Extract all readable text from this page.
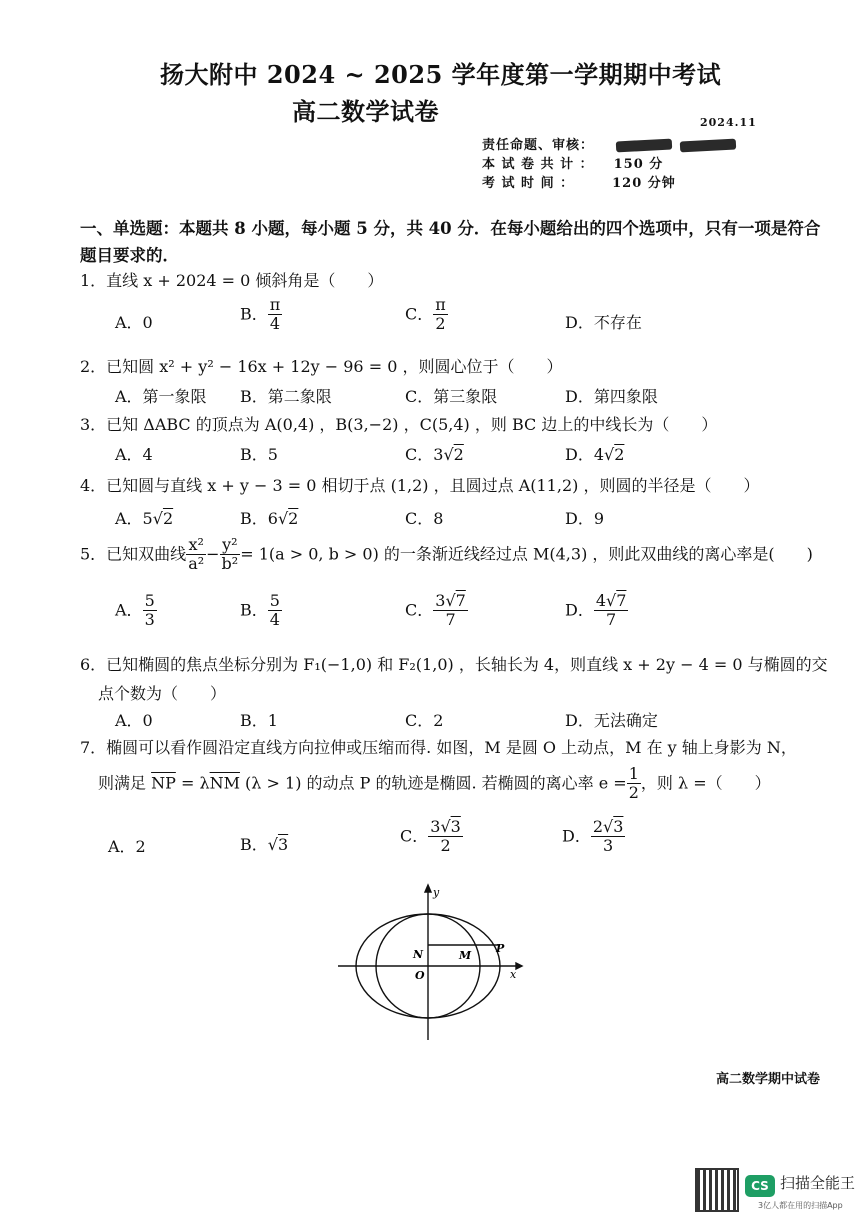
扬大附中 2024 ~ 2025 学年度第一学期期中考试
高二数学试卷	2024.11
责任命题、审核：
本 试 卷 共 计 ： 150 分
考 试 时 间 ：	120 分钟
一、单选题：本题共 8 小题，每小题 5 分，共 40 分．在每小题给出的四个选项中，只有一项是符合
题目要求的．
1．直线 x + 2024 = 0 倾斜角是（　　）
A．0	B． $\frac{\pi}{4}$	C． $\frac{\pi}{2}$	D．不存在
2．已知圆 x² + y² − 16x + 12y − 96 = 0 ，则圆心位于（　　）
A．第一象限 B．第二象限	C．第三象限	D．第四象限
3．已知 ΔABC 的顶点为 A(0,4) ，B(3,−2) ，C(5,4) ，则 BC 边上的中线长为（　　）
A．4	B．5	C．3√2	D．4√2
4．已知圆与直线 x + y − 3 = 0 相切于点 (1,2) ，且圆过点 A(11,2) ，则圆的半径是（　　）
A．5√2	B．6√2	C．8	D．9
5．已知双曲线 $\frac{\text{x²}}{\text{a²}} - \frac{\text{y²}}{\text{b²}} = 1(a > 0$, b > 0) 的一条渐近线经过点 M(4,3) ，则此双曲线的离心率是(　　)
A． $\frac{5}{3}$	B． $\frac{5}{4}$	C． $\frac{3√7}{7}$	D． $\frac{4√7}{7}$
6．已知椭圆的焦点坐标分别为 F₁(−1,0) 和 F₂(1,0) ，长轴长为 4，则直线 x + 2y − 4 = 0 与椭圆的交
点个数为（　　）
A．0	B．1	C．2	D．无法确定
7．椭圆可以看作圆沿定直线方向拉伸或压缩而得. 如图，M 是圆 O 上动点，M 在 y 轴上身影为 N，
则满足 $\overline{NP} = \lambda\overline{NM}$ (λ > 1) 的动点 P 的轨迹是椭圆. 若椭圆的离心率 $e = \frac{1}{2}$ ，则 λ =（　　）
A．2	B．√3	C． $\frac{3√3}{2}$	D． $\frac{2√3}{3}$
y
x
N	M
P
O
高二数学期中试卷
CS 扫描全能王
3亿人都在用的扫描App
